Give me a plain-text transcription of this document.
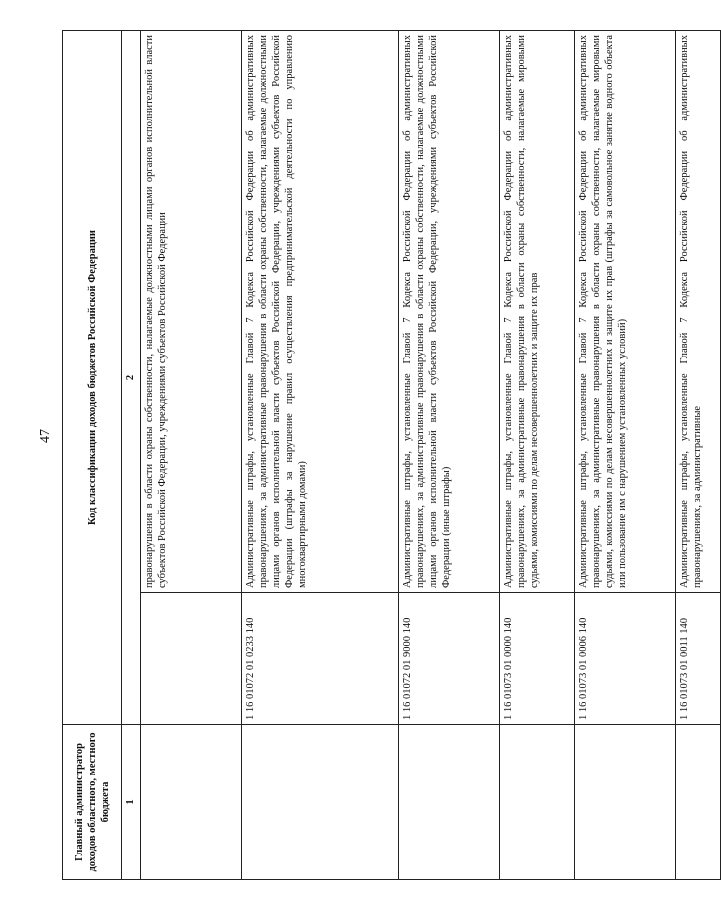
47
Главный администратор доходов областного, местного бюджета	Код классификации доходов бюджетов Российской Федерации	
1	2	
		правонарушения в области охраны собственности, налагаемые должностными лицами органов исполнительной власти субъектов Российской Федерации, учреждениями субъектов Российской Федерации
	1 16 01072 01 0233 140	Административные штрафы, установленные Главой 7 Кодекса Российской Федерации об административных правонарушениях, за административные правонарушения в области охраны собственности, налагаемые должностными лицами органов исполнительной власти субъектов Российской Федерации, учреждениями субъектов Российской Федерации (штрафы за нарушение правил осуществления предпринимательской деятельности по управлению многоквартирными домами)
	1 16 01072 01 9000 140	Административные штрафы, установленные Главой 7 Кодекса Российской Федерации об административных правонарушениях, за административные правонарушения в области охраны собственности, налагаемые должностными лицами органов исполнительной власти субъектов Российской Федерации, учреждениями субъектов Российской Федерации (иные штрафы)
	1 16 01073 01 0000 140	Административные штрафы, установленные Главой 7 Кодекса Российской Федерации об административных правонарушениях, за административные правонарушения в области охраны собственности, налагаемые мировыми судьями, комиссиями по делам несовершеннолетних и защите их прав
	1 16 01073 01 0006 140	Административные штрафы, установленные Главой 7 Кодекса Российской Федерации об административных правонарушениях, за административные правонарушения в области охраны собственности, налагаемые мировыми судьями, комиссиями по делам несовершеннолетних и защите их прав (штрафы за самовольное занятие водного объекта или пользование им с нарушением установленных условий)
	1 16 01073 01 0011 140	Административные штрафы, установленные Главой 7 Кодекса Российской Федерации об административных правонарушениях, за административные
